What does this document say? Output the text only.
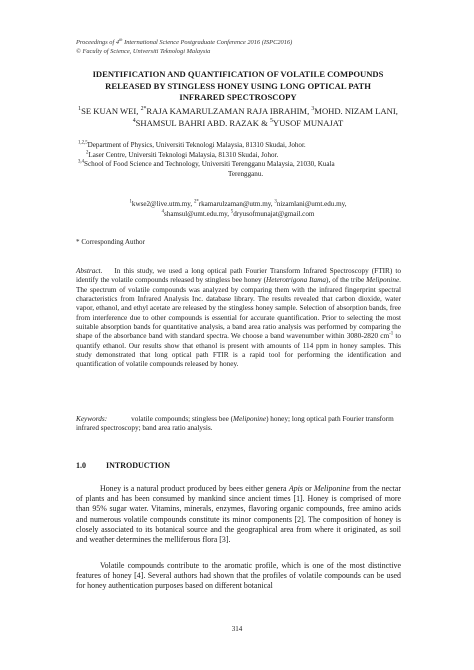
Proceedings of 4th International Science Postgraduate Conference 2016 (ISPC2016)
© Faculty of Science, Universiti Teknologi Malaysia
IDENTIFICATION AND QUANTIFICATION OF VOLATILE COMPOUNDS
RELEASED BY STINGLESS HONEY USING LONG OPTICAL PATH
INFRARED SPECTROSCOPY
$^1$SE KUAN WEI, $^{2*}$RAJA KAMARULZAMAN RAJA IBRAHIM, $^3$MOHD. NIZAM LANI, $^4$SHAMSUL BAHRI ABD. RAZAK & $^5$YUSOF MUNAJAT
$^{1,2,5}$Department of Physics, Universiti Teknologi Malaysia, 81310 Skudai, Johor.
$^2$Laser Centre, Universiti Teknologi Malaysia, 81310 Skudai, Johor.
$^{3,4}$School of Food Science and Technology, Universiti Terengganu Malaysia, 21030, Kuala
Terengganu.
$^1$kwse2@live.utm.my, $^{2*}$rkamarulzaman@utm.my, $^3$nizamlani@umt.edu.my,
$^4$shamsul@umt.edu.my, $^5$dryusofmunajat@gmail.com
* Corresponding Author
Abstract. In this study, we used a long optical path Fourier Transform Infrared Spectroscopy (FTIR) to identify the volatile compounds released by stingless bee honey (Heterotrigona Itama), of the tribe Meliponine. The spectrum of volatile compounds was analyzed by comparing them with the infrared fingerprint spectral characteristics from Infrared Analysis Inc. database library. The results revealed that carbon dioxide, water vapor, ethanol, and ethyl acetate are released by the stingless honey sample. Selection of absorption bands, free from interference due to other compounds is essential for accurate quantification. Prior to selecting the most suitable absorption bands for quantitative analysis, a band area ratio analysis was performed by comparing the shape of the absorbance band with standard spectra. We choose a band wavenumber within 3080-2820 $cm^{-1}$ to quantify ethanol. Our results show that ethanol is present with amounts of 114 ppm in honey samples. This study demonstrated that long optical path FTIR is a rapid tool for performing the identification and quantification of volatile compounds released by honey.
Keywords:	volatile compounds; stingless bee (Meliponine) honey; long optical path Fourier transform infrared spectroscopy; band area ratio analysis.
1.0	INTRODUCTION
Honey is a natural product produced by bees either genera Apis or Meliponine from the nectar of plants and has been consumed by mankind since ancient times [1]. Honey is comprised of more than 95% sugar water. Vitamins, minerals, enzymes, flavoring organic compounds, free amino acids and numerous volatile compounds constitute its minor components [2]. The composition of honey is closely associated to its botanical source and the geographical area from where it originated, as soil and weather determines the melliferous flora [3].
Volatile compounds contribute to the aromatic profile, which is one of the most distinctive features of honey [4]. Several authors had shown that the profiles of volatile compounds can be used for honey authentication purposes based on different botanical
314
